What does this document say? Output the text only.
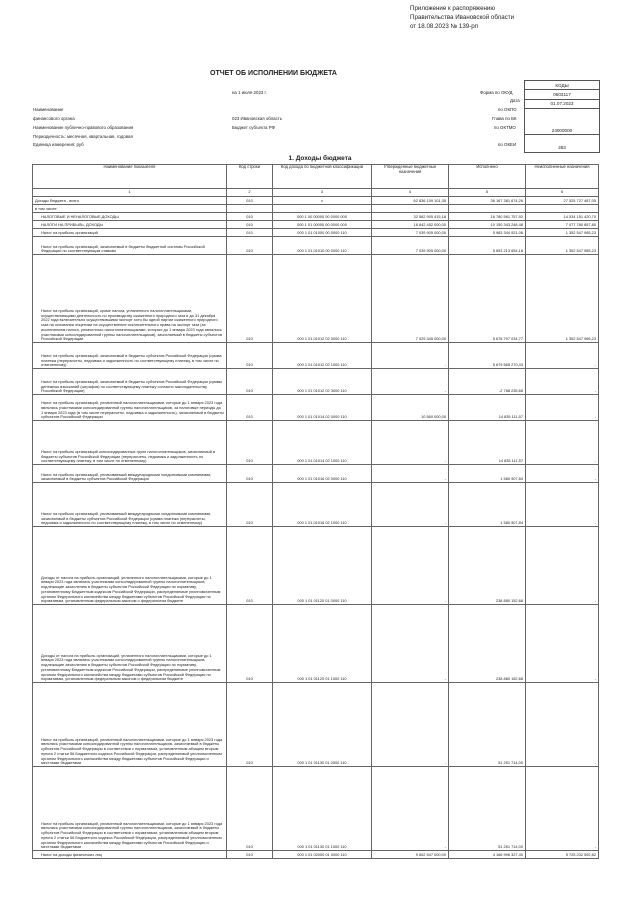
Приложение к распоряжению
Правительства Ивановской области
от 18.08.2023 № 139-рп
ОТЧЕТ ОБ ИСПОЛНЕНИИ БЮДЖЕТА
КОДЫ
0503117
01.07.2023
24000000
383
на 1 июля 2023 г.	Форма по ОКУД
Дата
Наименование	по ОКПО
финансового органа	023 Ивановская область	Глава по БК
Наименование публично-правового образования	Бюджет субъекта РФ	по ОКТМО
Периодичность: месячная, квартальная, годовая
Единица измерения: руб	по ОКЕИ
1. Доходы бюджета
Наименование показателя	Код строки	Код дохода по бюджетной классификации	Утвержденные бюджетные назначения	Исполнено	Неисполненные назначения
1	2	3	4	5	6
Доходы бюджета - всего	010	x	62 836 109 101,35	36 167 381 674,26	27 525 727 487,05
в том числе:					
НАЛОГОВЫЕ И НЕНАЛОГОВЫЕ ДОХОДЫ	010	000 1 00 00000 00 0000 000	32 562 905 415,18	16 780 561 757,92	14 534 151 420,70
НАЛОГИ НА ПРИБЫЛЬ, ДОХОДЫ	010	000 1 01 00000 00 0000 000	16 642 452 000,00	10 150 343 248,48	7 077 780 857,80
Налог на прибыль организаций	010	000 1 01 01000 00 0000 110	7 039 905 000,00	5 983 344 921,06	1 352 547 985,23
Налог на прибыль организаций, зачисляемый в бюджеты бюджетной системы Российской Федерации по соответствующим ставкам	010	000 1 01 01010 00 0000 110	7 039 905 000,00	5 693 213 654,18	1 352 547 985,23
Налог на прибыль организаций, кроме налога, уплаченного налогоплательщиками, осуществляющими деятельность по производству сжиженного природного газа и до 31 декабря 2022 года включительно осуществившими экспорт хотя бы одной партии сжиженного природного газа на основании лицензии на осуществление исключительного права на экспорт газа (за исключением налога, уплаченного налогоплательщиками, которые до 1 января 2023 года являлись участниками консолидированной группы налогоплательщиков), зачисляемый в бюджеты субъектов Российской Федерации	010	000 1 01 01012 02 0000 110	7 029 345 000,00	5 676 797 034,77	1 352 547 965,23
Налог на прибыль организаций, зачисляемый в бюджеты субъектов Российской Федерации (сумма платежа (перерасчеты, недоимка и задолженность по соответствующему платежу, в том числе по отмененному)	010	000 1 01 01012 02 1000 110	-	5 679 565 270,43	-
Налог на прибыль организаций, зачисляемый в бюджеты субъектов Российской Федерации (суммы денежных взысканий (штрафов) по соответствующему платежу согласно законодательству Российской Федерации)	010	000 1 01 01012 02 3000 110	-	-2 768 235,66	-
Налог на прибыль организаций, уплаченный налогоплательщиками, которые до 1 января 2023 года являлись участниками консолидированной группы налогоплательщиков, за налоговые периоды до 1 января 2023 года (в том числе перерасчеты, недоимка и задолженность), зачисляемый в бюджеты субъектов Российской Федерации	010	000 1 01 01014 02 0000 110	10 560 000,00	14 835 111,57	-
Налог на прибыль организаций консолидированных групп налогоплательщиков, зачисляемый в бюджеты субъектов Российской Федерации (перерасчеты, недоимка и задолженность по соответствующему платежу, в том числе по отмененному)	010	000 1 01 01014 02 1000 110	-	14 835 111,57	-
Налог на прибыль организаций, уплачиваемый международными холдинговыми компаниями, зачисляемый в бюджеты субъектов Российской Федерации	010	000 1 01 01016 02 0000 110	-	1 580 907,84	-
Налог на прибыль организаций, уплачиваемый международными холдинговыми компаниями, зачисляемый в бюджеты субъектов Российской Федерации (сумма платежа (перерасчеты, недоимка и задолженность по соответствующему платежу, в том числе по отмененному)	010	000 1 01 01016 02 1000 110	-	1 580 907,84	-
Доходы от налога на прибыль организаций, уплаченного налогоплательщиками, которые до 1 января 2023 года являлись участниками консолидированной группы налогоплательщиков, подлежащие зачислению в бюджеты субъектов Российской Федерации по нормативу, установленному Бюджетным кодексом Российской Федерации, распределяемые уполномоченным органом Федерального казначейства между бюджетами субъектов Российской Федерации по нормативам, установленным федеральным законом о федеральном бюджете	010	000 1 01 01120 01 0000 110	-	238 880 152,68	-
Доходы от налога на прибыль организаций, уплаченного налогоплательщиками, которые до 1 января 2023 года являлись участниками консолидированной группы налогоплательщиков, подлежащие зачислению в бюджеты субъектов Российской Федерации по нормативу, установленному Бюджетным кодексом Российской Федерации, распределяемые уполномоченным органом Федерального казначейства между бюджетами субъектов Российской Федерации по нормативам, установленным федеральным законом о федеральном бюджете	010	000 1 01 01120 01 1000 110	-	238 880 152,68	-
Налог на прибыль организаций, уплаченный налогоплательщиками, которые до 1 января 2023 года являлись участниками консолидированной группы налогоплательщиков, зачисляемый в бюджеты субъектов Российской Федерации в соответствии с нормативом, установленным абзацем вторым пункта 2 статьи 56 Бюджетного кодекса Российской Федерации, распределяемый уполномоченным органом Федерального казначейства между бюджетами субъектов Российской Федерации и местными бюджетами	010	000 1 01 01130 01 0000 110	-	51 251 714,00	-
Налог на прибыль организаций, уплаченный налогоплательщиками, которые до 1 января 2023 года являлись участниками консолидированной группы налогоплательщиков, зачисляемый в бюджеты субъектов Российской Федерации в соответствии с нормативом, установленным абзацем вторым пункта 2 статьи 56 Бюджетного кодекса Российской Федерации, распределяемый уполномоченным органом Федерального казначейства между бюджетами субъектов Российской Федерации и местными бюджетами	010	000 1 01 01130 01 1000 110	-	51 251 714,00	-
Налог на доходы физических лиц	010	000 1 01 02000 01 0000 110	9 602 547 000,00	4 166 996 327,40	5 725 232 592,82
